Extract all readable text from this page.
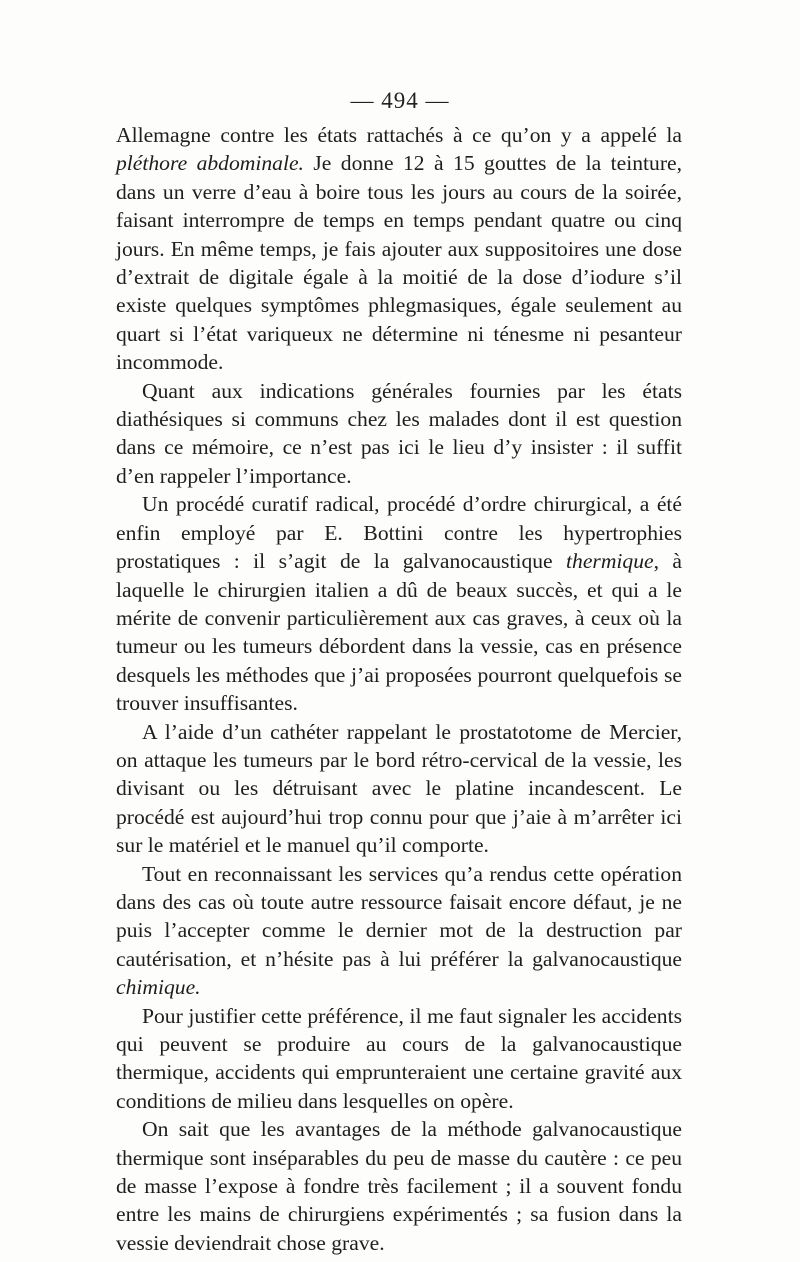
— 494 —

Allemagne contre les états rattachés à ce qu’on y a appelé la pléthore abdominale. Je donne 12 à 15 gouttes de la teinture, dans un verre d’eau à boire tous les jours au cours de la soirée, faisant interrompre de temps en temps pendant quatre ou cinq jours. En même temps, je fais ajouter aux suppositoires une dose d’extrait de digitale égale à la moitié de la dose d’iodure s’il existe quelques symptômes phlegmasiques, égale seulement au quart si l’état variqueux ne détermine ni ténesme ni pesanteur incommode.

Quant aux indications générales fournies par les états diathésiques si communs chez les malades dont il est question dans ce mémoire, ce n’est pas ici le lieu d’y insister : il suffit d’en rappeler l’importance.

Un procédé curatif radical, procédé d’ordre chirurgical, a été enfin employé par E. Bottini contre les hypertrophies prostatiques : il s’agit de la galvanocaustique thermique, à laquelle le chirurgien italien a dû de beaux succès, et qui a le mérite de convenir particulièrement aux cas graves, à ceux où la tumeur ou les tumeurs débordent dans la vessie, cas en présence desquels les méthodes que j’ai proposées pourront quelquefois se trouver insuffisantes.

A l’aide d’un cathéter rappelant le prostatotome de Mercier, on attaque les tumeurs par le bord rétro-cervical de la vessie, les divisant ou les détruisant avec le platine incandescent. Le procédé est aujourd’hui trop connu pour que j’aie à m’arrêter ici sur le matériel et le manuel qu’il comporte.

Tout en reconnaissant les services qu’a rendus cette opération dans des cas où toute autre ressource faisait encore défaut, je ne puis l’accepter comme le dernier mot de la destruction par cautérisation, et n’hésite pas à lui préférer la galvanocaustique chimique.

Pour justifier cette préférence, il me faut signaler les accidents qui peuvent se produire au cours de la galvanocaustique thermique, accidents qui emprunteraient une certaine gravité aux conditions de milieu dans lesquelles on opère.

On sait que les avantages de la méthode galvanocaustique thermique sont inséparables du peu de masse du cautère : ce peu de masse l’expose à fondre très facilement ; il a souvent fondu entre les mains de chirurgiens expérimentés ; sa fusion dans la vessie deviendrait chose grave.
